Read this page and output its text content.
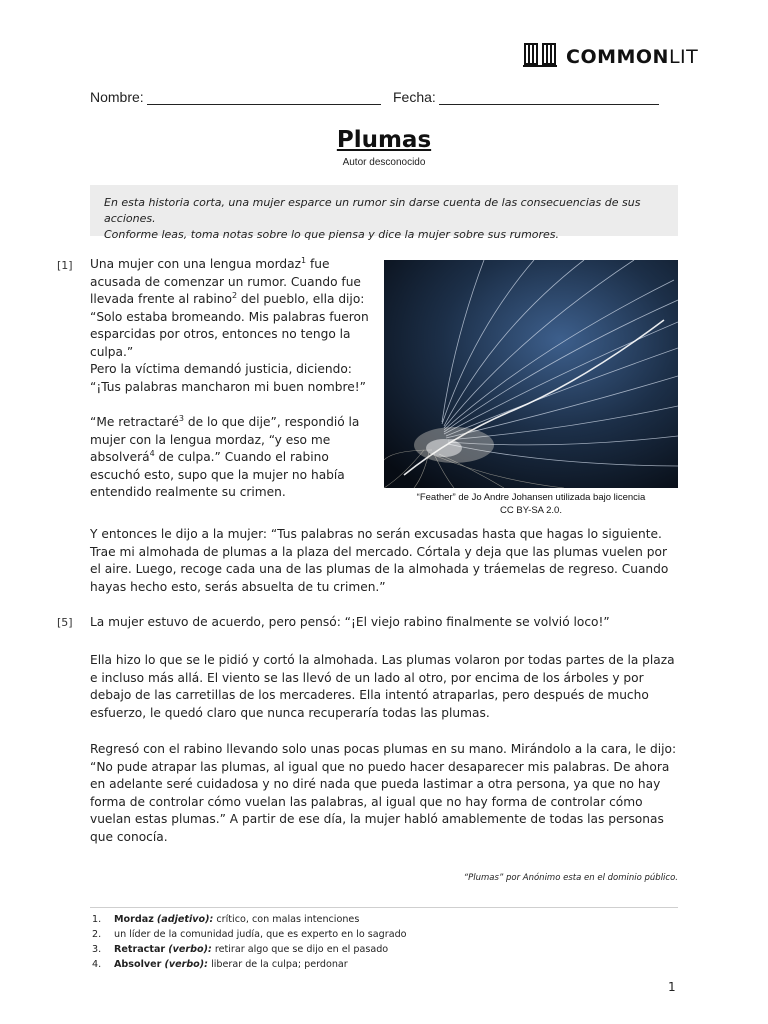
COMMONLIT
Nombre:	Fecha:
Plumas
Autor desconocido
En esta historia corta, una mujer esparce un rumor sin darse cuenta de las consecuencias de sus acciones.
Conforme leas, toma notas sobre lo que piensa y dice la mujer sobre sus rumores.
[1]
[5]
Una mujer con una lengua mordaz$^1$ fue acusada de comenzar un rumor. Cuando fue llevada frente al rabino$^2$ del pueblo, ella dijo: “Solo estaba bromeando. Mis palabras fueron esparcidas por otros, entonces no tengo la culpa.”
Pero la víctima demandó justicia, diciendo: “¡Tus palabras mancharon mi buen nombre!”
“Me retractaré$^3$ de lo que dije”, respondió la mujer con la lengua mordaz, “y eso me absolverá$^4$ de culpa.” Cuando el rabino escuchó esto, supo que la mujer no había entendido realmente su crimen.	“Feather” de Jo Andre Johansen utilizada bajo licencia
CC BY-SA 2.0.
Y entonces le dijo a la mujer: “Tus palabras no serán excusadas hasta que hagas lo siguiente. Trae mi almohada de plumas a la plaza del mercado. Córtala y deja que las plumas vuelen por el aire. Luego, recoge cada una de las plumas de la almohada y tráemelas de regreso. Cuando hayas hecho esto, serás absuelta de tu crimen.”
La mujer estuvo de acuerdo, pero pensó: “¡El viejo rabino finalmente se volvió loco!”
Ella hizo lo que se le pidió y cortó la almohada. Las plumas volaron por todas partes de la plaza e incluso más allá. El viento se las llevó de un lado al otro, por encima de los árboles y por debajo de las carretillas de los mercaderes. Ella intentó atraparlas, pero después de mucho esfuerzo, le quedó claro que nunca recuperaría todas las plumas.
Regresó con el rabino llevando solo unas pocas plumas en su mano. Mirándolo a la cara, le dijo: “No pude atrapar las plumas, al igual que no puedo hacer desaparecer mis palabras. De ahora en adelante seré cuidadosa y no diré nada que pueda lastimar a otra persona, ya que no hay forma de controlar cómo vuelan las palabras, al igual que no hay forma de controlar cómo vuelan estas plumas.” A partir de ese día, la mujer habló amablemente de todas las personas que conocía.
“Plumas” por Anónimo esta en el dominio público.
1.	Mordaz (adjetivo): crítico, con malas intenciones
2.	un líder de la comunidad judía, que es experto en lo sagrado
3.	Retractar (verbo): retirar algo que se dijo en el pasado
4.	Absolver (verbo): liberar de la culpa; perdonar
1
